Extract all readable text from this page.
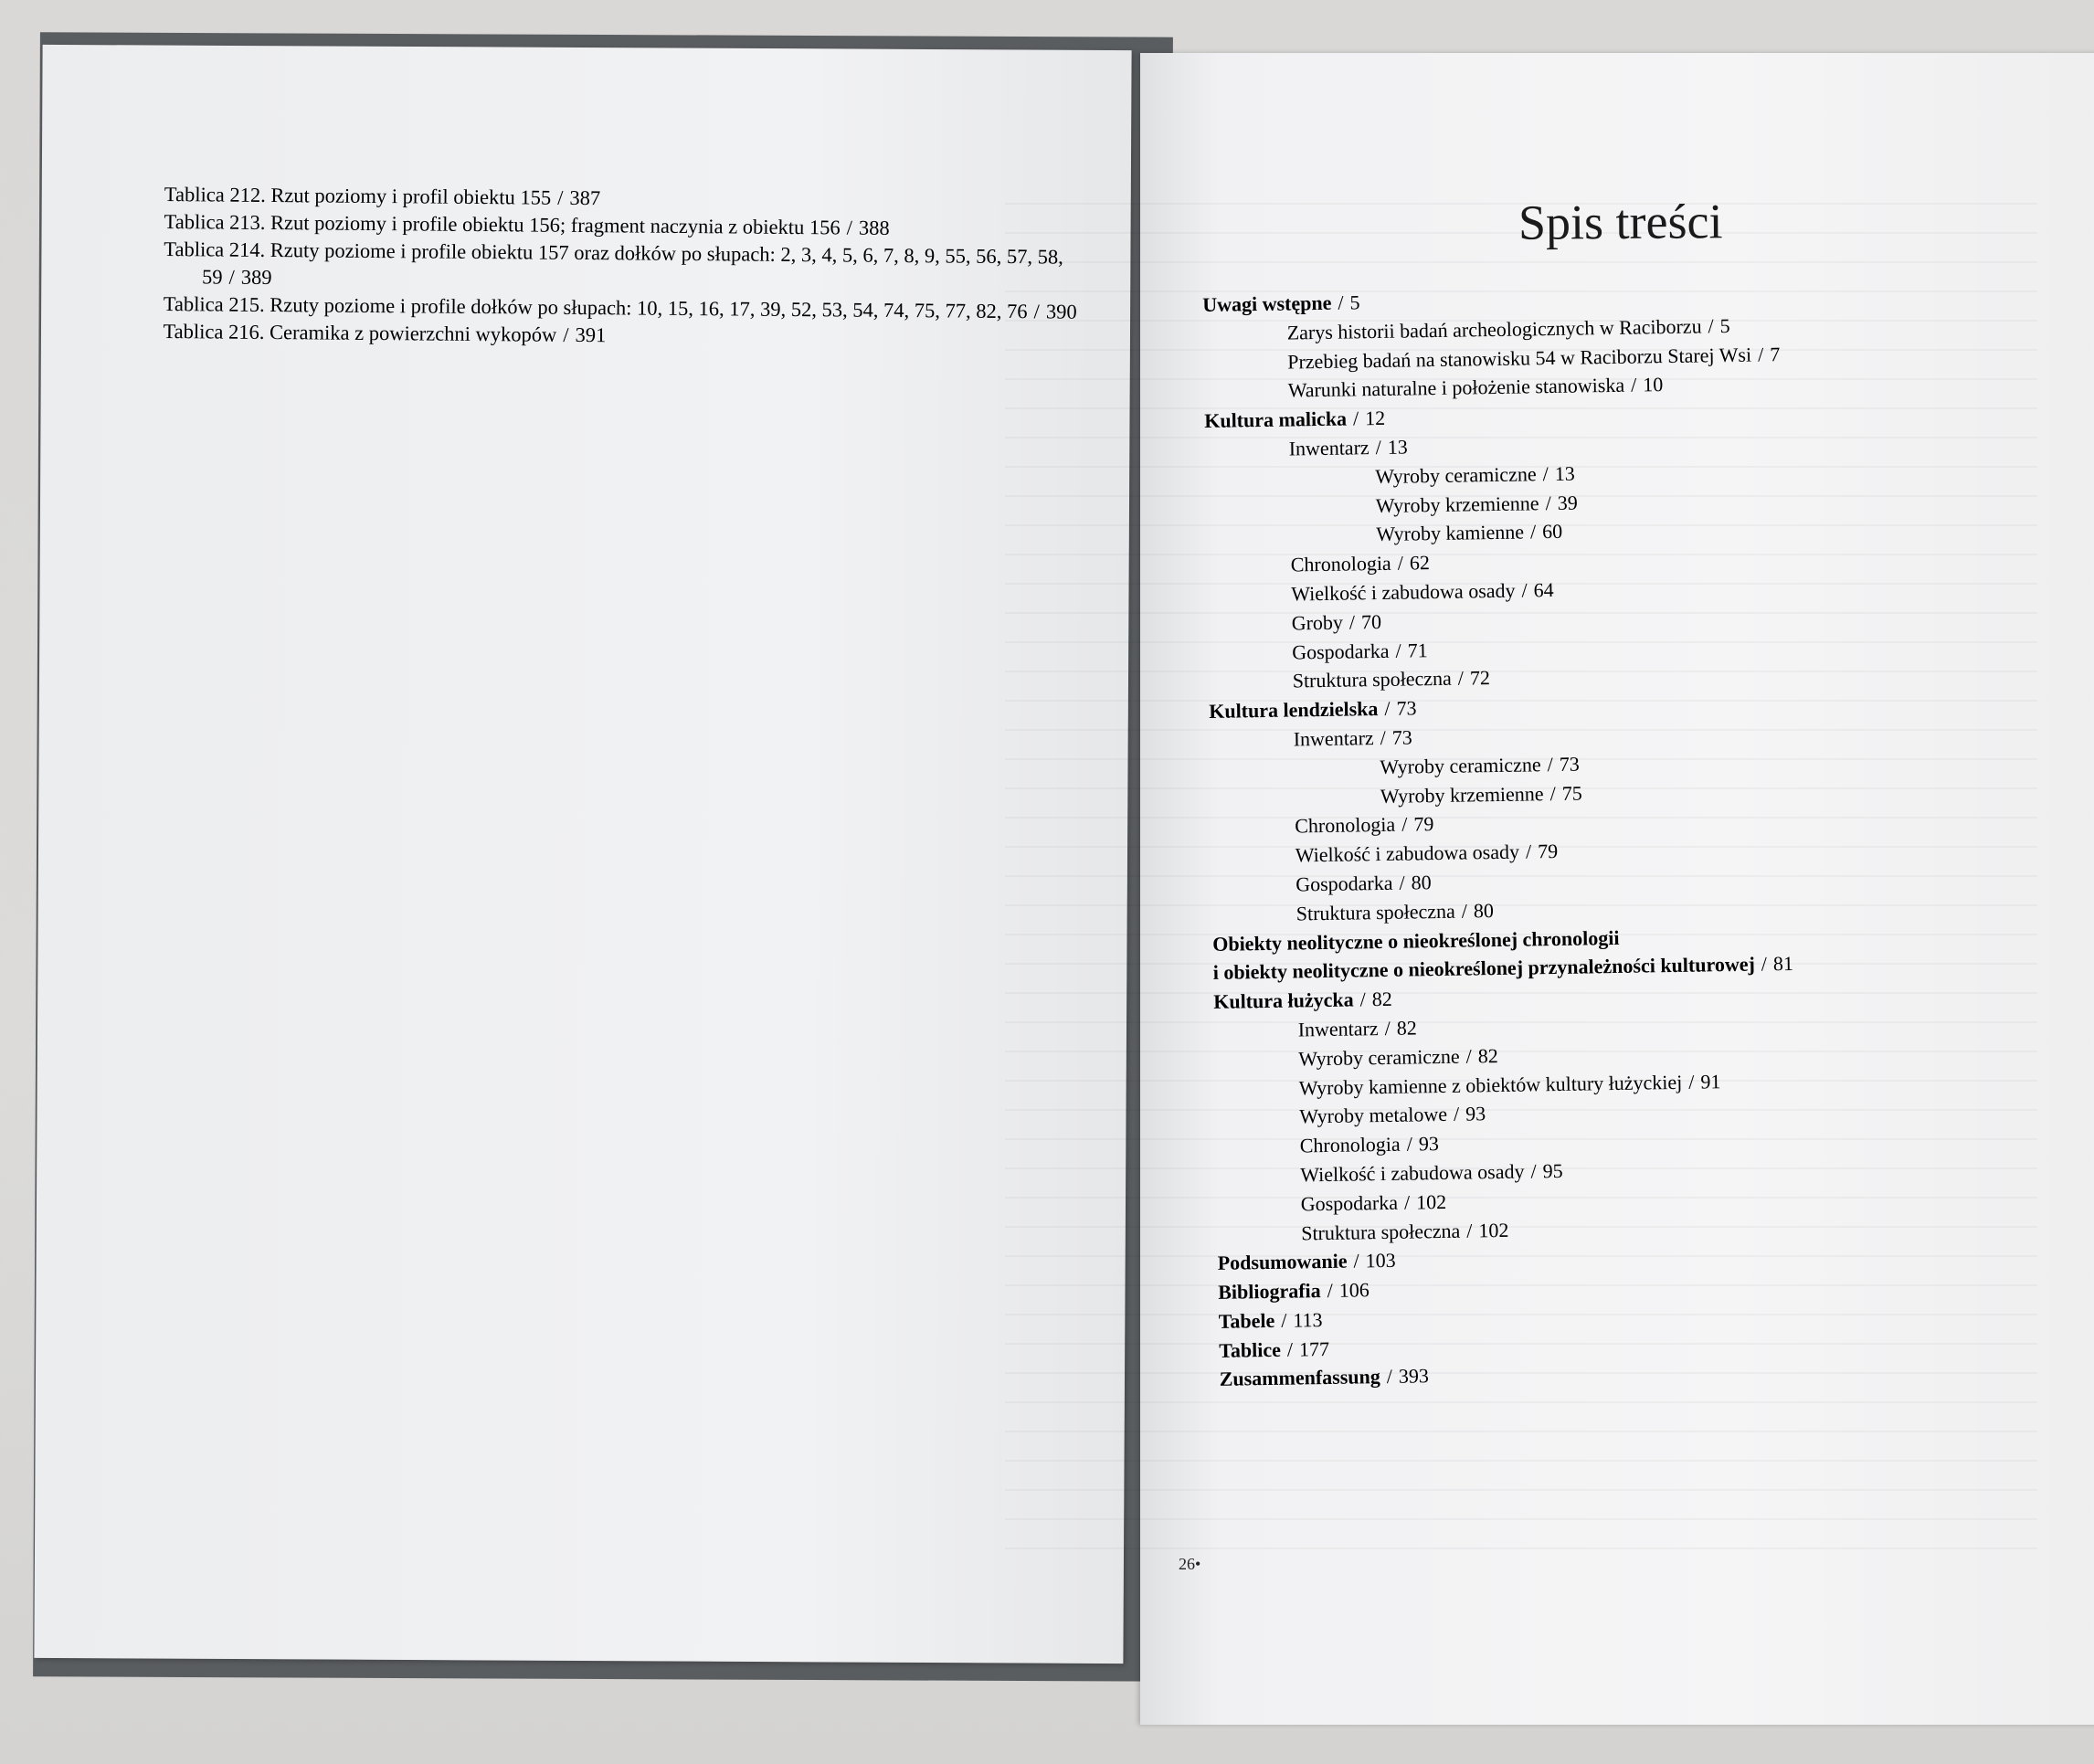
Tablica 212. Rzut poziomy i profil obiektu 155 / 387

Tablica 213. Rzut poziomy i profile obiektu 156; fragment naczynia z obiektu 156 / 388

Tablica 214. Rzuty poziome i profile obiektu 157 oraz dołków po słupach: 2, 3, 4, 5, 6, 7, 8, 9, 55, 56, 57, 58, 59 / 389

Tablica 215. Rzuty poziome i profile dołków po słupach: 10, 15, 16, 17, 39, 52, 53, 54, 74, 75, 77, 82, 76 / 390

Tablica 216. Ceramika z powierzchni wykopów / 391

Spis treści
Uwagi wstępne / 5
Zarys historii badań archeologicznych w Raciborzu / 5
Przebieg badań na stanowisku 54 w Raciborzu Starej Wsi / 7
Warunki naturalne i położenie stanowiska / 10
Kultura malicka / 12
Inwentarz / 13
Wyroby ceramiczne / 13
Wyroby krzemienne / 39
Wyroby kamienne / 60
Chronologia / 62
Wielkość i zabudowa osady / 64
Groby / 70
Gospodarka / 71
Struktura społeczna / 72
Kultura lendzielska / 73
Inwentarz / 73
Wyroby ceramiczne / 73
Wyroby krzemienne / 75
Chronologia / 79
Wielkość i zabudowa osady / 79
Gospodarka / 80
Struktura społeczna / 80
Obiekty neolityczne o nieokreślonej chronologii
i obiekty neolityczne o nieokreślonej przynależności kulturowej / 81
Kultura łużycka / 82
Inwentarz / 82
Wyroby ceramiczne / 82
Wyroby kamienne z obiektów kultury łużyckiej / 91
Wyroby metalowe / 93
Chronologia / 93
Wielkość i zabudowa osady / 95
Gospodarka / 102
Struktura społeczna / 102
Podsumowanie / 103
Bibliografia / 106
Tabele / 113
Tablice / 177
Zusammenfassung / 393
26•
